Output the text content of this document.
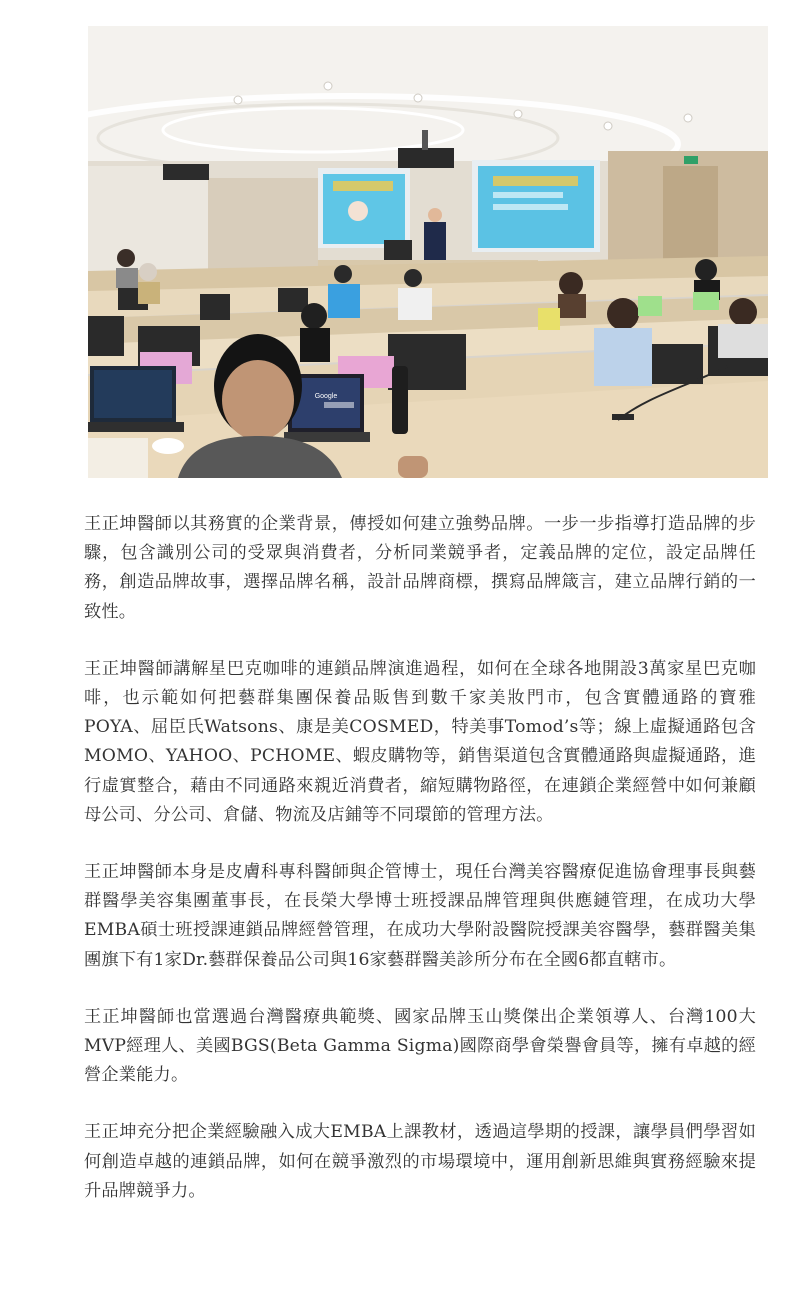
Google

王正坤醫師以其務實的企業背景，傳授如何建立強勢品牌。一步一步指導打造品牌的步驟，包含識別公司的受眾與消費者，分析同業競爭者，定義品牌的定位，設定品牌任務，創造品牌故事，選擇品牌名稱，設計品牌商標，撰寫品牌箴言，建立品牌行銷的一致性。

王正坤醫師講解星巴克咖啡的連鎖品牌演進過程，如何在全球各地開設3萬家星巴克咖啡，也示範如何把藝群集團保養品販售到數千家美妝門市，包含實體通路的寶雅POYA、屈臣氏Watsons、康是美COSMED，特美事Tomod’s等；線上虛擬通路包含MOMO、YAHOO、PCHOME、蝦皮購物等，銷售渠道包含實體通路與虛擬通路，進行虛實整合，藉由不同通路來親近消費者，縮短購物路徑，在連鎖企業經營中如何兼顧母公司、分公司、倉儲、物流及店鋪等不同環節的管理方法。

王正坤醫師本身是皮膚科專科醫師與企管博士，現任台灣美容醫療促進協會理事長與藝群醫學美容集團董事長，在長榮大學博士班授課品牌管理與供應鏈管理，在成功大學EMBA碩士班授課連鎖品牌經營管理，在成功大學附設醫院授課美容醫學，藝群醫美集團旗下有1家Dr.藝群保養品公司與16家藝群醫美診所分布在全國6都直轄市。

王正坤醫師也當選過台灣醫療典範獎、國家品牌玉山獎傑出企業領導人、台灣100大MVP經理人、美國BGS(Beta Gamma Sigma)國際商學會榮譽會員等，擁有卓越的經營企業能力。

王正坤充分把企業經驗融入成大EMBA上課教材，透過這學期的授課，讓學員們學習如何創造卓越的連鎖品牌，如何在競爭激烈的市場環境中，運用創新思維與實務經驗來提升品牌競爭力。
